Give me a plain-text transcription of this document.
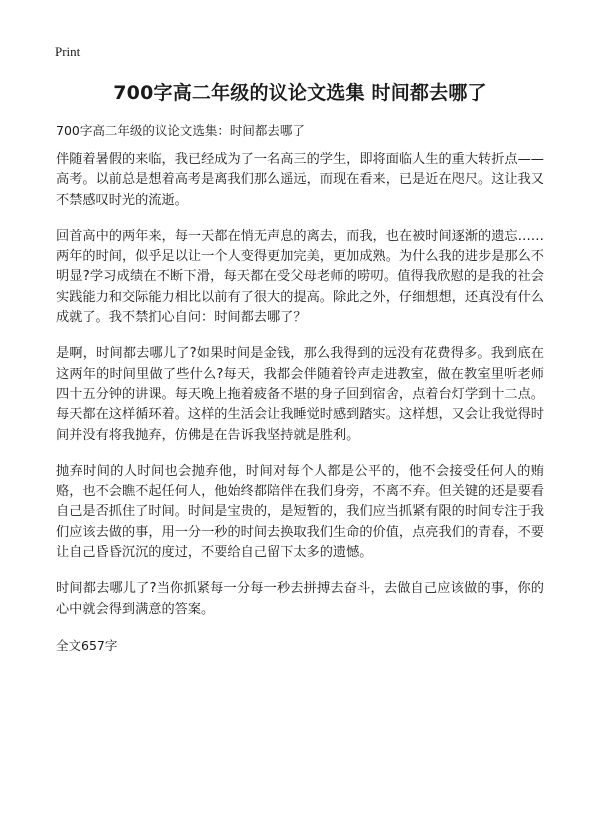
Print
700字高二年级的议论文选集 时间都去哪了

700字高二年级的议论文选集：时间都去哪了

伴随着暑假的来临，我已经成为了一名高三的学生，即将面临人生的重大转折点——高考。以前总是想着高考是离我们那么遥远，而现在看来，已是近在咫尺。这让我又不禁感叹时光的流逝。

回首高中的两年来，每一天都在悄无声息的离去，而我，也在被时间逐渐的遗忘……两年的时间，似乎足以让一个人变得更加完美，更加成熟。为什么我的进步是那么不明显?学习成绩在不断下滑，每天都在受父母老师的唠叨。值得我欣慰的是我的社会实践能力和交际能力相比以前有了很大的提高。除此之外，仔细想想，还真没有什么成就了。我不禁扪心自问：时间都去哪了？

是啊，时间都去哪儿了?如果时间是金钱，那么我得到的远没有花费得多。我到底在这两年的时间里做了些什么?每天，我都会伴随着铃声走进教室，做在教室里听老师四十五分钟的讲课。每天晚上拖着疲备不堪的身子回到宿舍，点着台灯学到十二点。每天都在这样循环着。这样的生活会让我睡觉时感到踏实。这样想，又会让我觉得时间并没有将我抛弃，仿佛是在告诉我坚持就是胜利。

抛弃时间的人时间也会抛弃他，时间对每个人都是公平的，他不会接受任何人的贿赂，也不会瞧不起任何人，他始终都陪伴在我们身旁，不离不弃。但关键的还是要看自己是否抓住了时间。时间是宝贵的，是短暂的，我们应当抓紧有限的时间专注于我们应该去做的事，用一分一秒的时间去换取我们生命的价值，点亮我们的青春，不要让自己昏昏沉沉的度过，不要给自己留下太多的遗憾。

时间都去哪儿了?当你抓紧每一分每一秒去拼搏去奋斗，去做自己应该做的事，你的心中就会得到满意的答案。

全文657字
